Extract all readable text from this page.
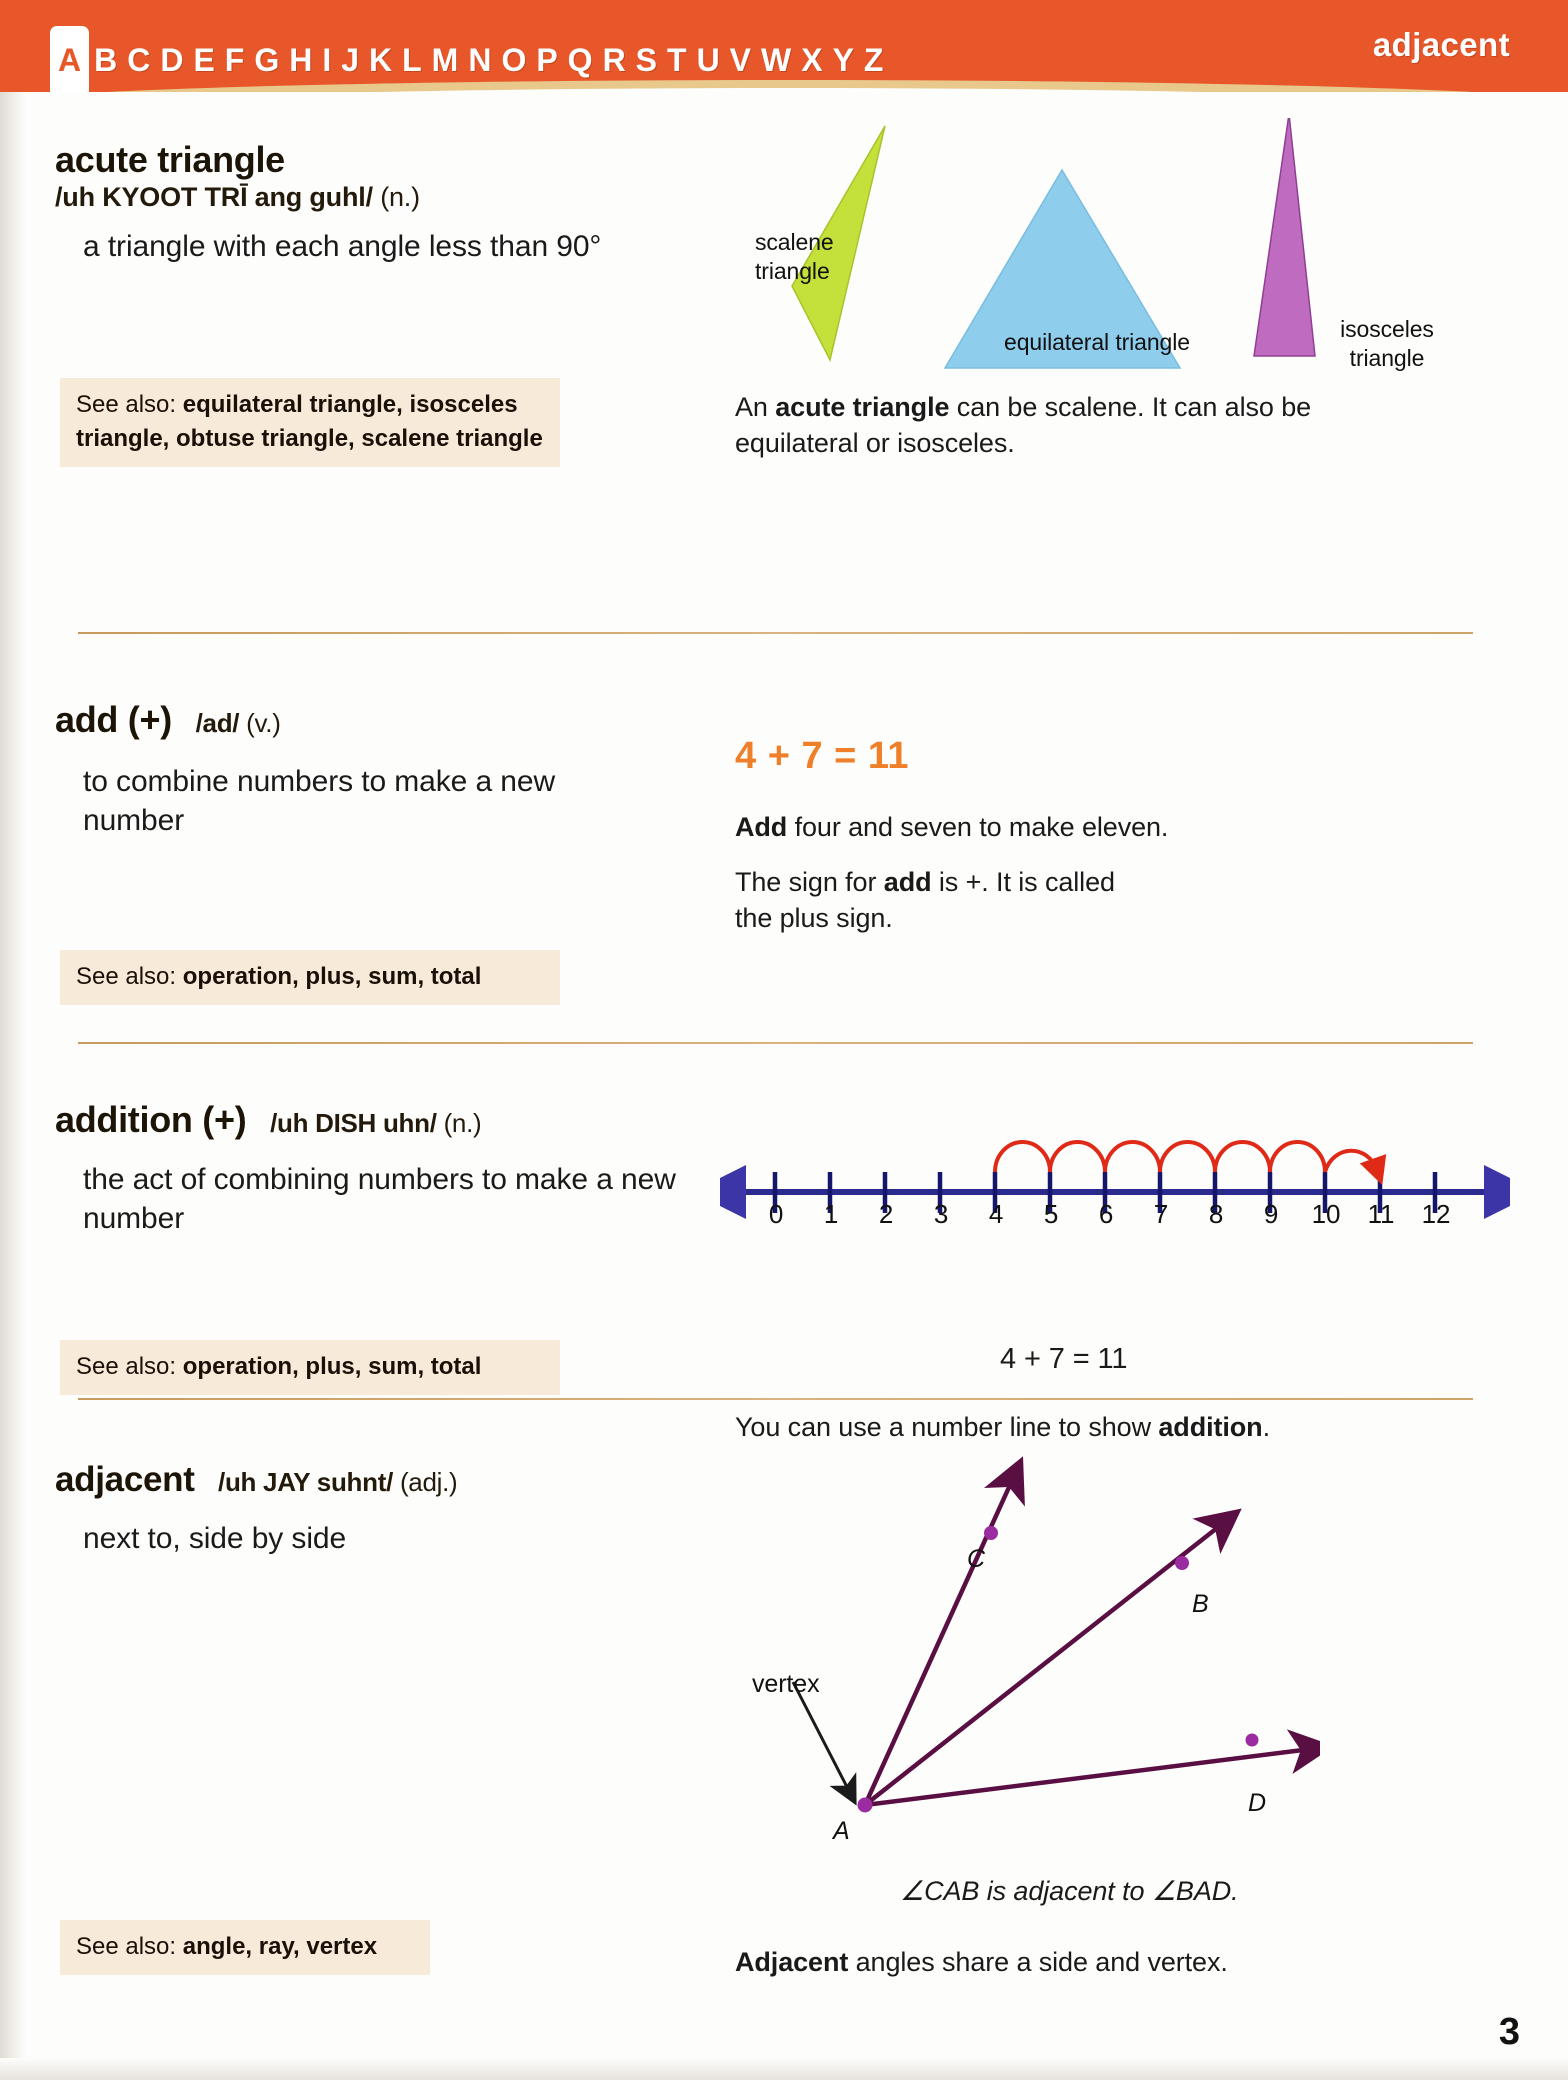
A B C D E F G H I J K L M N O P Q R S T U V W X Y Z	adjacent
acute triangle
/uh KYOOT TRĪ ang guhl/ (n.)
a triangle with each angle less than 90°
See also: equilateral triangle, isosceles triangle, obtuse triangle, scalene triangle
scalene
triangle
equilateral triangle	isosceles
triangle
An acute triangle can be scalene. It can also be
equilateral or isosceles.
add (+) /ad/ (v.)
to combine numbers to make a new number
See also: operation, plus, sum, total
4 + 7 = 11
Add four and seven to make eleven.
The sign for add is +. It is called
the plus sign.
addition (+) /uh DISH uhn/ (n.)
the act of combining numbers to make a new number
See also: operation, plus, sum, total
0 1 2 3 4 5 6 7 8 9 10 11 12
4 + 7 = 11
You can use a number line to show addition.
adjacent /uh JAY suhnt/ (adj.)
next to, side by side
See also: angle, ray, vertex
vertex
A
B
C
D
∠CAB is adjacent to ∠BAD.
Adjacent angles share a side and vertex.
3
